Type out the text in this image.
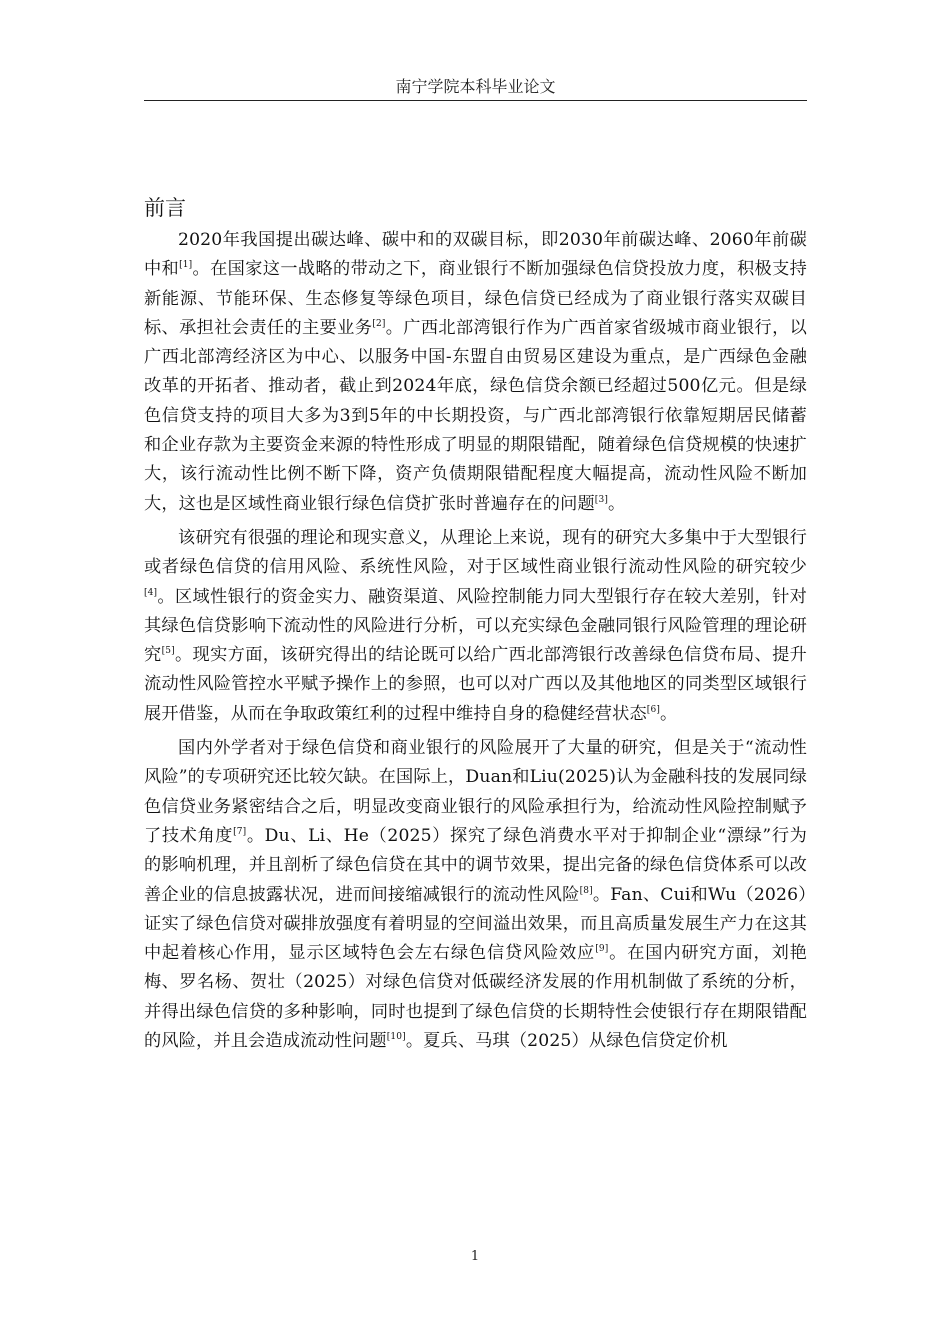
南宁学院本科毕业论文
前言

2020年我国提出碳达峰、碳中和的双碳目标，即2030年前碳达峰、2060年前碳中和[1]。在国家这一战略的带动之下，商业银行不断加强绿色信贷投放力度，积极支持新能源、节能环保、生态修复等绿色项目，绿色信贷已经成为了商业银行落实双碳目标、承担社会责任的主要业务[2]。广西北部湾银行作为广西首家省级城市商业银行，以广西北部湾经济区为中心、以服务中国-东盟自由贸易区建设为重点，是广西绿色金融改革的开拓者、推动者，截止到2024年底，绿色信贷余额已经超过500亿元。但是绿色信贷支持的项目大多为3到5年的中长期投资，与广西北部湾银行依靠短期居民储蓄和企业存款为主要资金来源的特性形成了明显的期限错配，随着绿色信贷规模的快速扩大，该行流动性比例不断下降，资产负债期限错配程度大幅提高，流动性风险不断加大，这也是区域性商业银行绿色信贷扩张时普遍存在的问题[3]。

该研究有很强的理论和现实意义，从理论上来说，现有的研究大多集中于大型银行或者绿色信贷的信用风险、系统性风险，对于区域性商业银行流动性风险的研究较少[4]。区域性银行的资金实力、融资渠道、风险控制能力同大型银行存在较大差别，针对其绿色信贷影响下流动性的风险进行分析，可以充实绿色金融同银行风险管理的理论研究[5]。现实方面，该研究得出的结论既可以给广西北部湾银行改善绿色信贷布局、提升流动性风险管控水平赋予操作上的参照，也可以对广西以及其他地区的同类型区域银行展开借鉴，从而在争取政策红利的过程中维持自身的稳健经营状态[6]。

国内外学者对于绿色信贷和商业银行的风险展开了大量的研究，但是关于“流动性风险”的专项研究还比较欠缺。在国际上，Duan和Liu(2025)认为金融科技的发展同绿色信贷业务紧密结合之后，明显改变商业银行的风险承担行为，给流动性风险控制赋予了技术角度[7]。Du、Li、He（2025）探究了绿色消费水平对于抑制企业“漂绿”行为的影响机理，并且剖析了绿色信贷在其中的调节效果，提出完备的绿色信贷体系可以改善企业的信息披露状况，进而间接缩减银行的流动性风险[8]。Fan、Cui和Wu（2026）证实了绿色信贷对碳排放强度有着明显的空间溢出效果，而且高质量发展生产力在这其中起着核心作用，显示区域特色会左右绿色信贷风险效应[9]。在国内研究方面，刘艳梅、罗名杨、贺壮（2025）对绿色信贷对低碳经济发展的作用机制做了系统的分析，并得出绿色信贷的多种影响，同时也提到了绿色信贷的长期特性会使银行存在期限错配的风险，并且会造成流动性问题[10]。夏兵、马琪（2025）从绿色信贷定价机

1
